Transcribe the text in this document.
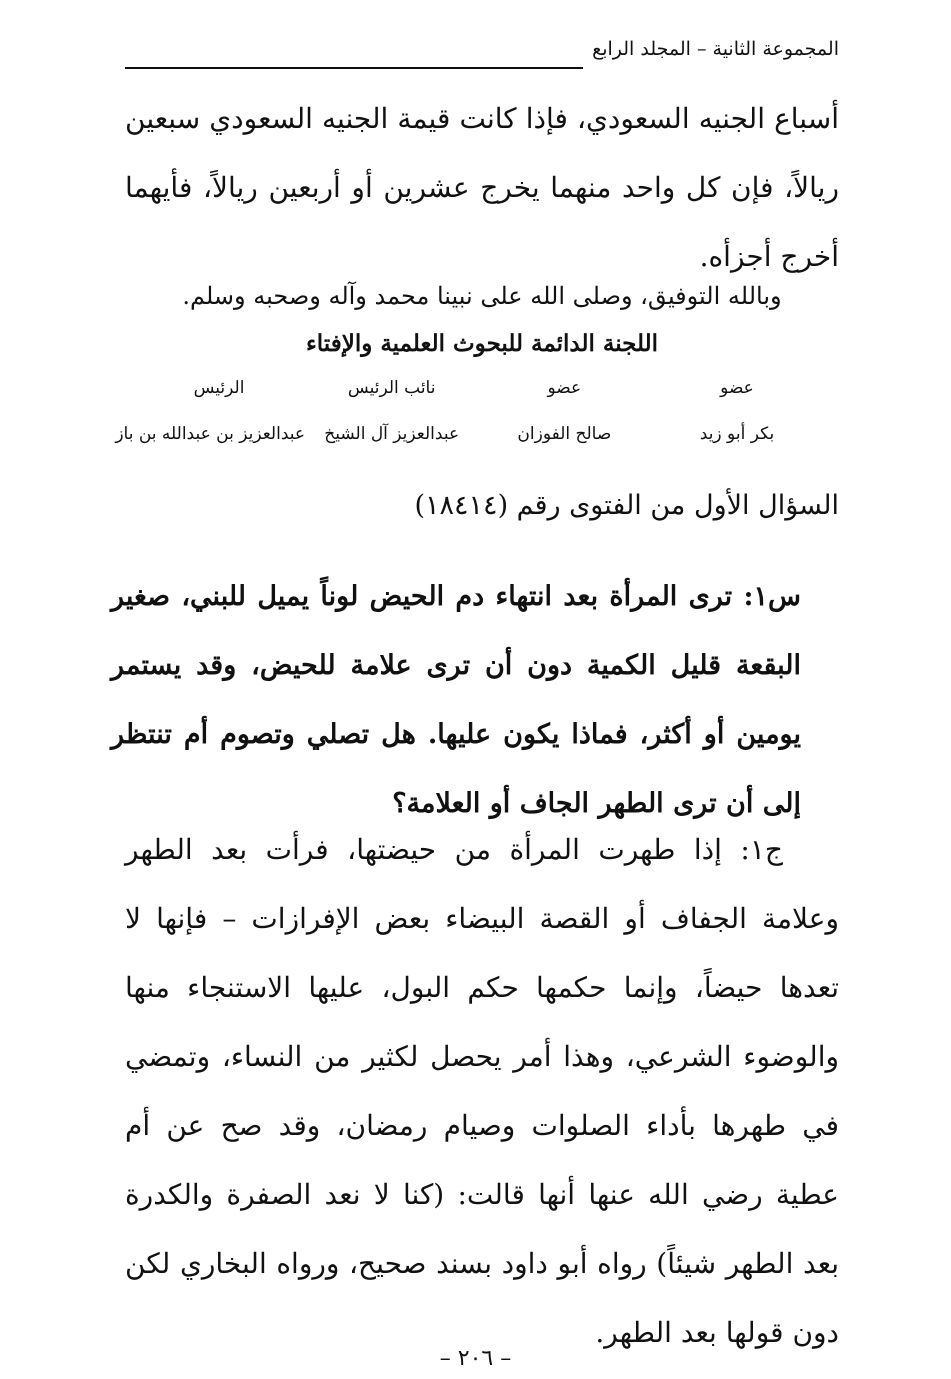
المجموعة الثانية – المجلد الرابع
أسباع الجنيه السعودي، فإذا كانت قيمة الجنيه السعودي سبعين ريالاً، فإن كل واحد منهما يخرج عشرين أو أربعين ريالاً، فأيهما أخرج أجزأه.
وبالله التوفيق، وصلى الله على نبينا محمد وآله وصحبه وسلم.
اللجنة الدائمة للبحوث العلمية والإفتاء
عضو
عضو
نائب الرئيس
الرئيس
بكر أبو زيد
صالح الفوزان
عبدالعزيز آل الشيخ
عبدالعزيز بن عبدالله بن باز
السؤال الأول من الفتوى رقم (١٨٤١٤)
س١: ترى المرأة بعد انتهاء دم الحيض لوناً يميل للبني، صغير البقعة قليل الكمية دون أن ترى علامة للحيض، وقد يستمر يومين أو أكثر، فماذا يكون عليها. هل تصلي وتصوم أم تنتظر إلى أن ترى الطهر الجاف أو العلامة؟
ج١: إذا طهرت المرأة من حيضتها، فرأت بعد الطهر وعلامة الجفاف أو القصة البيضاء بعض الإفرازات – فإنها لا تعدها حيضاً، وإنما حكمها حكم البول، عليها الاستنجاء منها والوضوء الشرعي، وهذا أمر يحصل لكثير من النساء، وتمضي في طهرها بأداء الصلوات وصيام رمضان، وقد صح عن أم عطية رضي الله عنها أنها قالت: (كنا لا نعد الصفرة والكدرة بعد الطهر شيئاً) رواه أبو داود بسند صحيح، ورواه البخاري لكن دون قولها بعد الطهر.
– ٢٠٦ –
